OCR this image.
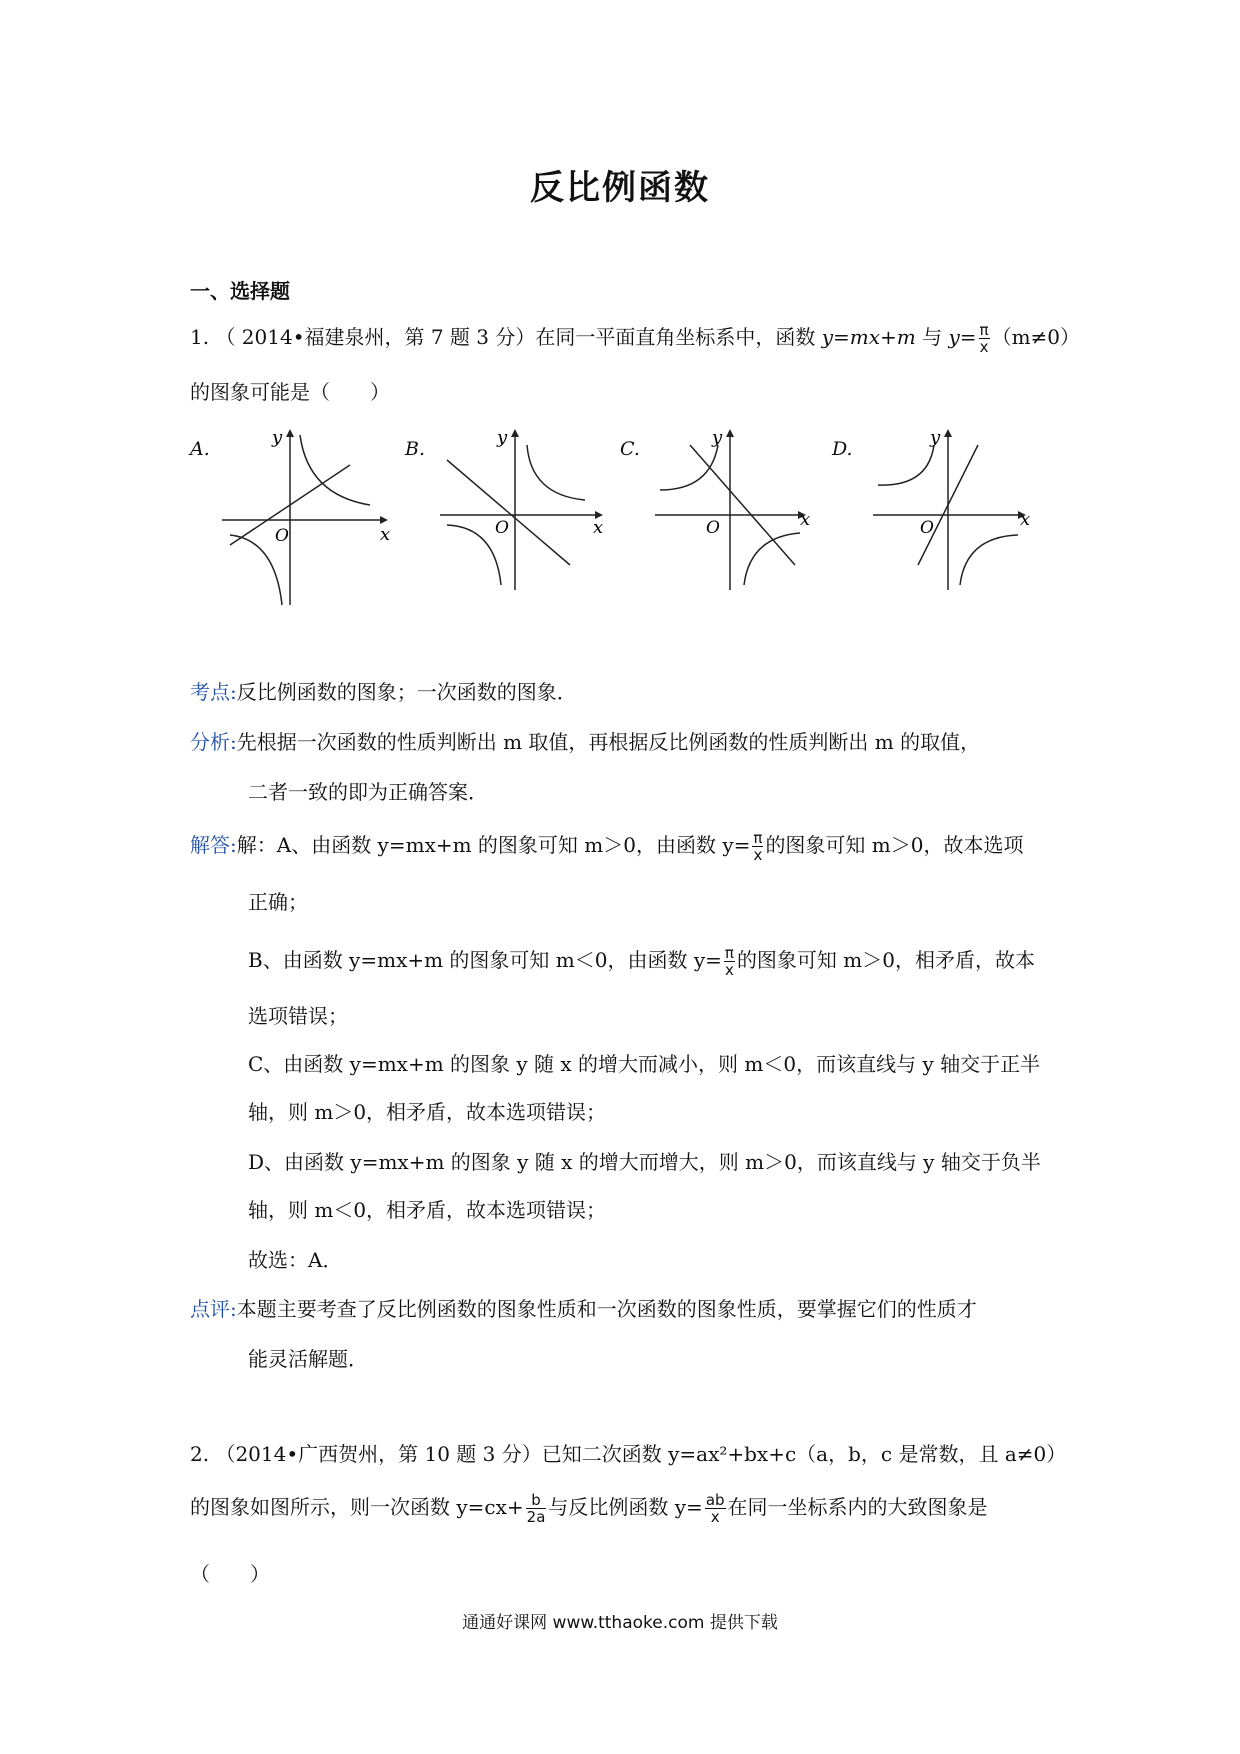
反比例函数
一、选择题
1. （ 2014•福建泉州，第 7 题 3 分）在同一平面直角坐标系中，函数 y=mx+m 与 $y= \frac{\pi}{x} (m\ne 0)$
的图象可能是（　　）
A.	B.	C.	D.
x
y
O	x
y
O	x
y
O	x
y
O
考点:反比例函数的图象；一次函数的图象．
分析:先根据一次函数的性质判断出 m 取值，再根据反比例函数的性质判断出 m 的取值，
二者一致的即为正确答案．
解答:解：A、由函数 y=mx+m 的图象可知 m＞0，由函数 $y= \frac{\pi}{x}$ 的图象可知 m＞0，故本选项
正确；
B、由函数 y=mx+m 的图象可知 m＜0，由函数 $y= \frac{\pi}{x}$ 的图象可知 m＞0，相矛盾，故本
选项错误；
C、由函数 y=mx+m 的图象 y 随 x 的增大而减小，则 m＜0，而该直线与 y 轴交于正半
轴，则 m＞0，相矛盾，故本选项错误；
D、由函数 y=mx+m 的图象 y 随 x 的增大而增大，则 m＞0，而该直线与 y 轴交于负半
轴，则 m＜0，相矛盾，故本选项错误；
故选：A．
点评:本题主要考查了反比例函数的图象性质和一次函数的图象性质，要掌握它们的性质才
能灵活解题．
2. （2014•广西贺州，第 10 题 3 分）已知二次函数 y=ax²+bx+c（a，b，c 是常数，且 a≠0）
的图象如图所示，则一次函数 $y=cx+ \frac{b}{2a}$ 与反比例函数 $y= \frac{ab}{x}$ 在同一坐标系内的大致图象是
（　　）
通通好课网 www.tthaoke.com 提供下载
